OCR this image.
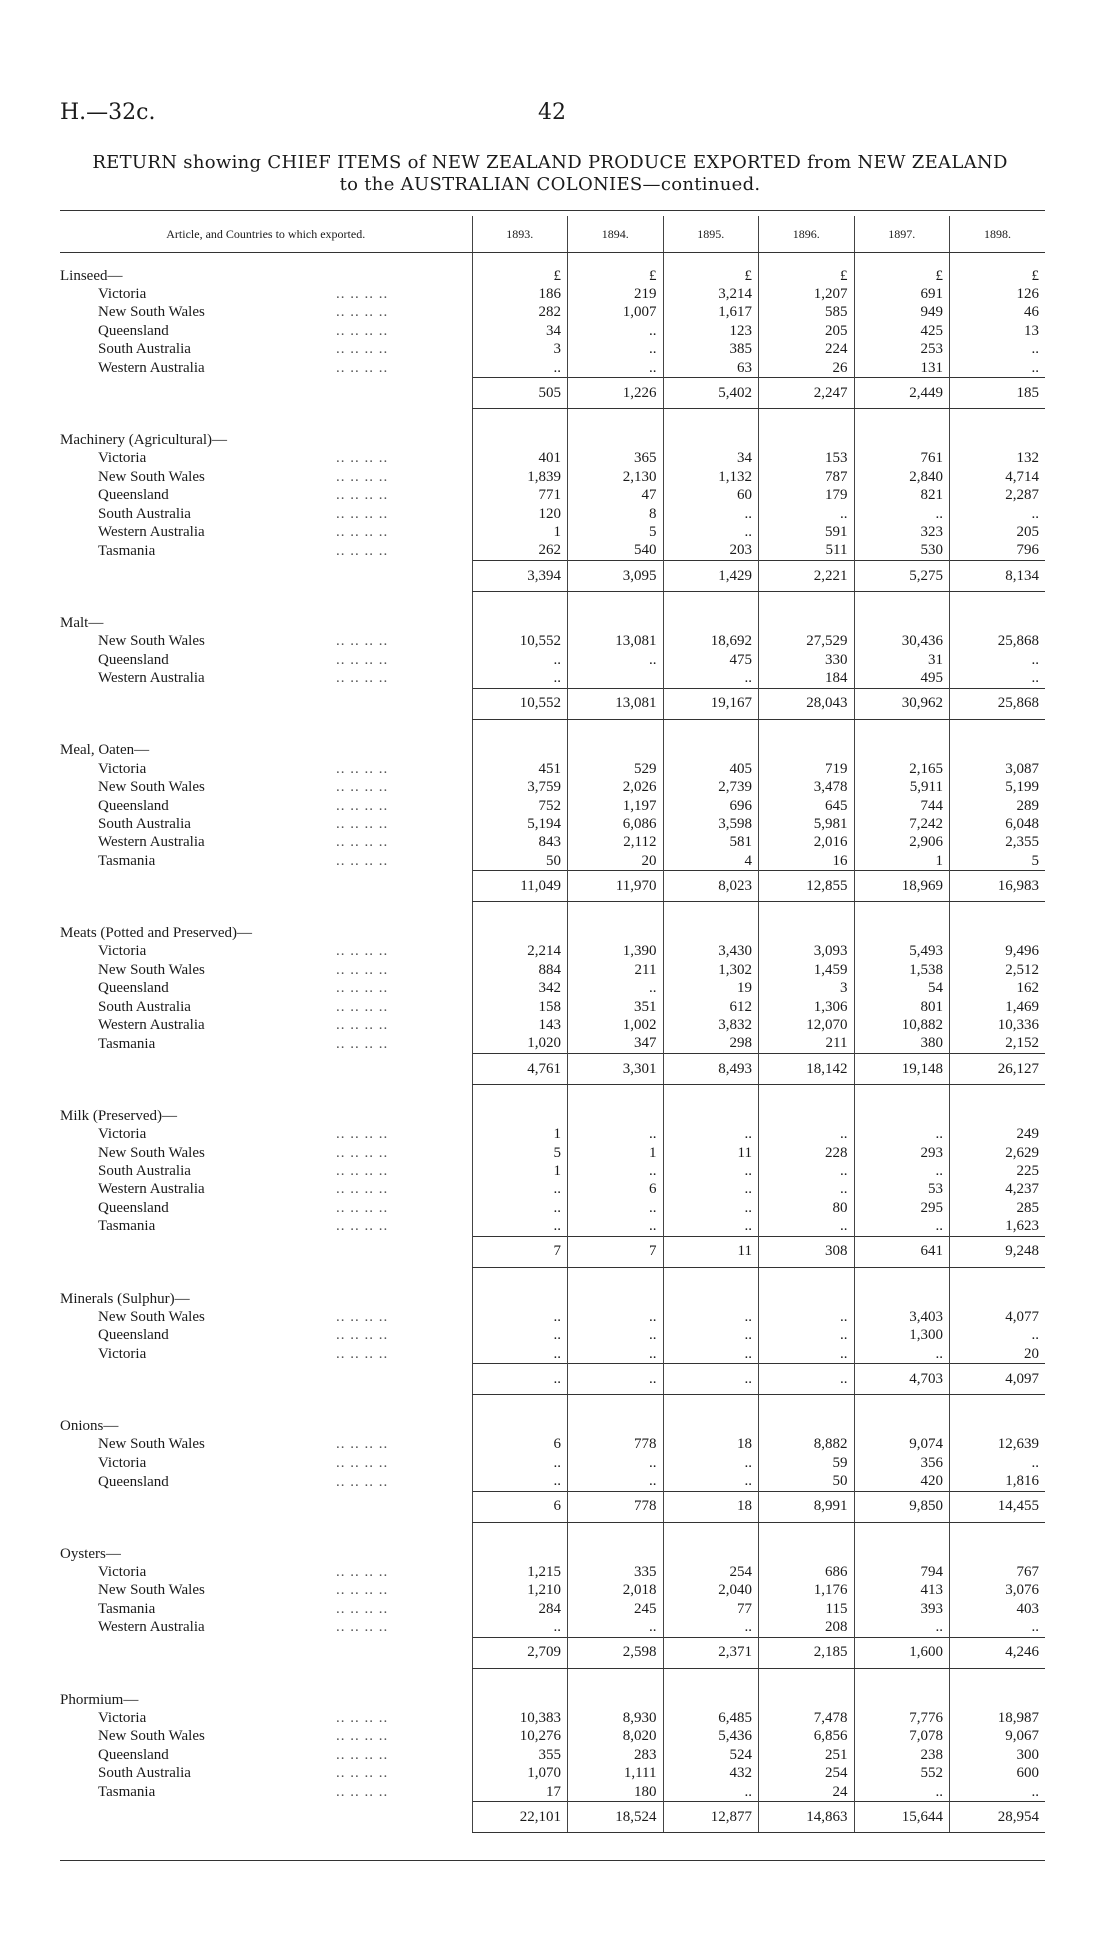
H.—32c.	42
RETURN showing CHIEF ITEMS of NEW ZEALAND PRODUCE EXPORTED from NEW ZEALAND
to the AUSTRALIAN COLONIES—continued.
Article, and Countries to which exported.	1893.	1894.	1895.	1896.	1897.	1898.

Linseed—	£	£	£	£	£	£
Victoria .. .. .. ..	186	219	3,214	1,207	691	126
New South Wales .. .. .. ..	282	1,007	1,617	585	949	46
Queensland .. .. .. ..	34	..	123	205	425	13
South Australia .. .. .. ..	3	..	385	224	253	..
Western Australia .. .. .. ..	..	..	63	26	131	..
	505	1,226	5,402	2,247	2,449	185

Machinery (Agricultural)—						
Victoria .. .. .. ..	401	365	34	153	761	132
New South Wales .. .. .. ..	1,839	2,130	1,132	787	2,840	4,714
Queensland .. .. .. ..	771	47	60	179	821	2,287
South Australia .. .. .. ..	120	8	..	..	..	..
Western Australia .. .. .. ..	1	5	..	591	323	205
Tasmania .. .. .. ..	262	540	203	511	530	796
	3,394	3,095	1,429	2,221	5,275	8,134

Malt—						
New South Wales .. .. .. ..	10,552	13,081	18,692	27,529	30,436	25,868
Queensland .. .. .. ..	..	..	475	330	31	..
Western Australia .. .. .. ..	..		..	184	495	..
	10,552	13,081	19,167	28,043	30,962	25,868

Meal, Oaten—						
Victoria .. .. .. ..	451	529	405	719	2,165	3,087
New South Wales .. .. .. ..	3,759	2,026	2,739	3,478	5,911	5,199
Queensland .. .. .. ..	752	1,197	696	645	744	289
South Australia .. .. .. ..	5,194	6,086	3,598	5,981	7,242	6,048
Western Australia .. .. .. ..	843	2,112	581	2,016	2,906	2,355
Tasmania .. .. .. ..	50	20	4	16	1	5
	11,049	11,970	8,023	12,855	18,969	16,983

Meats (Potted and Preserved)—						
Victoria .. .. .. ..	2,214	1,390	3,430	3,093	5,493	9,496
New South Wales .. .. .. ..	884	211	1,302	1,459	1,538	2,512
Queensland .. .. .. ..	342	..	19	3	54	162
South Australia .. .. .. ..	158	351	612	1,306	801	1,469
Western Australia .. .. .. ..	143	1,002	3,832	12,070	10,882	10,336
Tasmania .. .. .. ..	1,020	347	298	211	380	2,152
	4,761	3,301	8,493	18,142	19,148	26,127

Milk (Preserved)—						
Victoria .. .. .. ..	1	..	..	..	..	249
New South Wales .. .. .. ..	5	1	11	228	293	2,629
South Australia .. .. .. ..	1	..	..	..	..	225
Western Australia .. .. .. ..	..	6	..	..	53	4,237
Queensland .. .. .. ..	..	..	..	80	295	285
Tasmania .. .. .. ..	..	..	..	..	..	1,623
	7	7	11	308	641	9,248

Minerals (Sulphur)—						
New South Wales .. .. .. ..	..	..	..	..	3,403	4,077
Queensland .. .. .. ..	..	..	..	..	1,300	..
Victoria .. .. .. ..	..	..	..	..	..	20
	..	..	..	..	4,703	4,097

Onions—						
New South Wales .. .. .. ..	6	778	18	8,882	9,074	12,639
Victoria .. .. .. ..	..	..	..	59	356	..
Queensland .. .. .. ..	..	..	..	50	420	1,816
	6	778	18	8,991	9,850	14,455

Oysters—						
Victoria .. .. .. ..	1,215	335	254	686	794	767
New South Wales .. .. .. ..	1,210	2,018	2,040	1,176	413	3,076
Tasmania .. .. .. ..	284	245	77	115	393	403
Western Australia .. .. .. ..	..	..	..	208	..	..
	2,709	2,598	2,371	2,185	1,600	4,246

Phormium—						
Victoria .. .. .. ..	10,383	8,930	6,485	7,478	7,776	18,987
New South Wales .. .. .. ..	10,276	8,020	5,436	6,856	7,078	9,067
Queensland .. .. .. ..	355	283	524	251	238	300
South Australia .. .. .. ..	1,070	1,111	432	254	552	600
Tasmania .. .. .. ..	17	180	..	24	..	..
	22,101	18,524	12,877	14,863	15,644	28,954
